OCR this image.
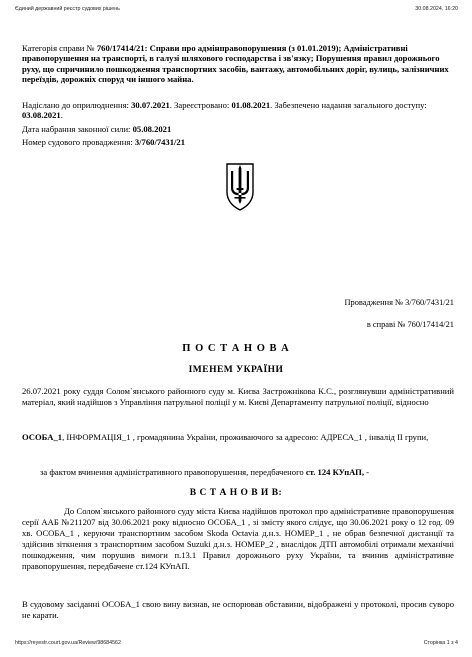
Єдиний державний реєстр судових рішень	30.08.2024, 16:20
Категорія справи № 760/17414/21: Справи про адмінправопорушення (з 01.01.2019); Адміністративні правопорушення на транспорті, в галузі шляхового господарства і зв'язку; Порушення правил дорожнього руху, що спричинило пошкодження транспортних засобів, вантажу, автомобільних доріг, вулиць, залізничних переїздів, дорожніх споруд чи іншого майна.
Надіслано до оприлюднення: 30.07.2021. Зареєстровано: 01.08.2021. Забезпечено надання загального доступу: 03.08.2021.
Дата набрання законної сили: 05.08.2021
Номер судового провадження: 3/760/7431/21
Провадження № 3/760/7431/21
в справі № 760/17414/21
П О С Т А Н О В А
ІМЕНЕМ УКРАЇНИ
26.07.2021 року суддя Солом`янського районного суду м. Києва Застрожнікова К.С., розглянувши адміністративний матеріал, який надійшов з Управління патрульної поліції у м. Києві Департаменту патрульної поліції, відносно
ОСОБА_1, ІНФОРМАЦІЯ_1 , громадянина України, проживаючого за адресою: АДРЕСА_1 , інвалід ІІ групи,
за фактом вчинення адміністративного правопорушення, передбаченого ст. 124 КУпАП, -
В С Т А Н О В И В:
До Солом`янського районного суду міста Києва надійшов протокол про адміністративне правопорушення серії ААБ №211207 від 30.06.2021 року відносно ОСОБА_1 , зі змісту якого слідує, що 30.06.2021 року о 12 год. 09 хв. ОСОБА_1 , керуючи транспортним засобом Skoda Octavia д.н.з. НОМЕР_1 , не обрав безпечної дистанції та здійснив зіткнення з транспортним засобом Suzuki д.н.з. НОМЕР_2 , внаслідок ДТП автомобілі отримали механічні пошкодження, чим порушив вимоги п.13.1 Правил дорожнього руху України, та вчинив адміністративне правопорушення, передбачене ст.124 КУпАП.
В судовому засіданні ОСОБА_1 свою вину визнав, не оспорював обставини, відображені у протоколі, просив суворо не карати.
https://reyestr.court.gov.ua/Review/98684562	Сторінка 1 з 4
